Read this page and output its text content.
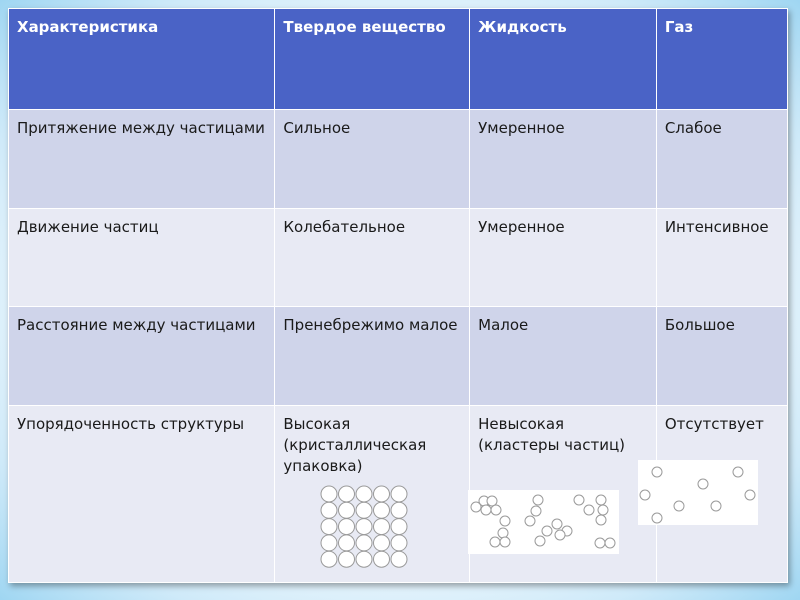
Характеристика	Твердое вещество	Жидкость	Газ
Притяжение между частицами	Сильное	Умеренное	Слабое
Движение частиц	Колебательное	Умеренное	Интенсивное
Расстояние между частицами	Пренебрежимо малое	Малое	Большое
Упорядоченность структуры	Высокая (кристаллическая упаковка)	Невысокая (кластеры частиц)	Отсутствует
